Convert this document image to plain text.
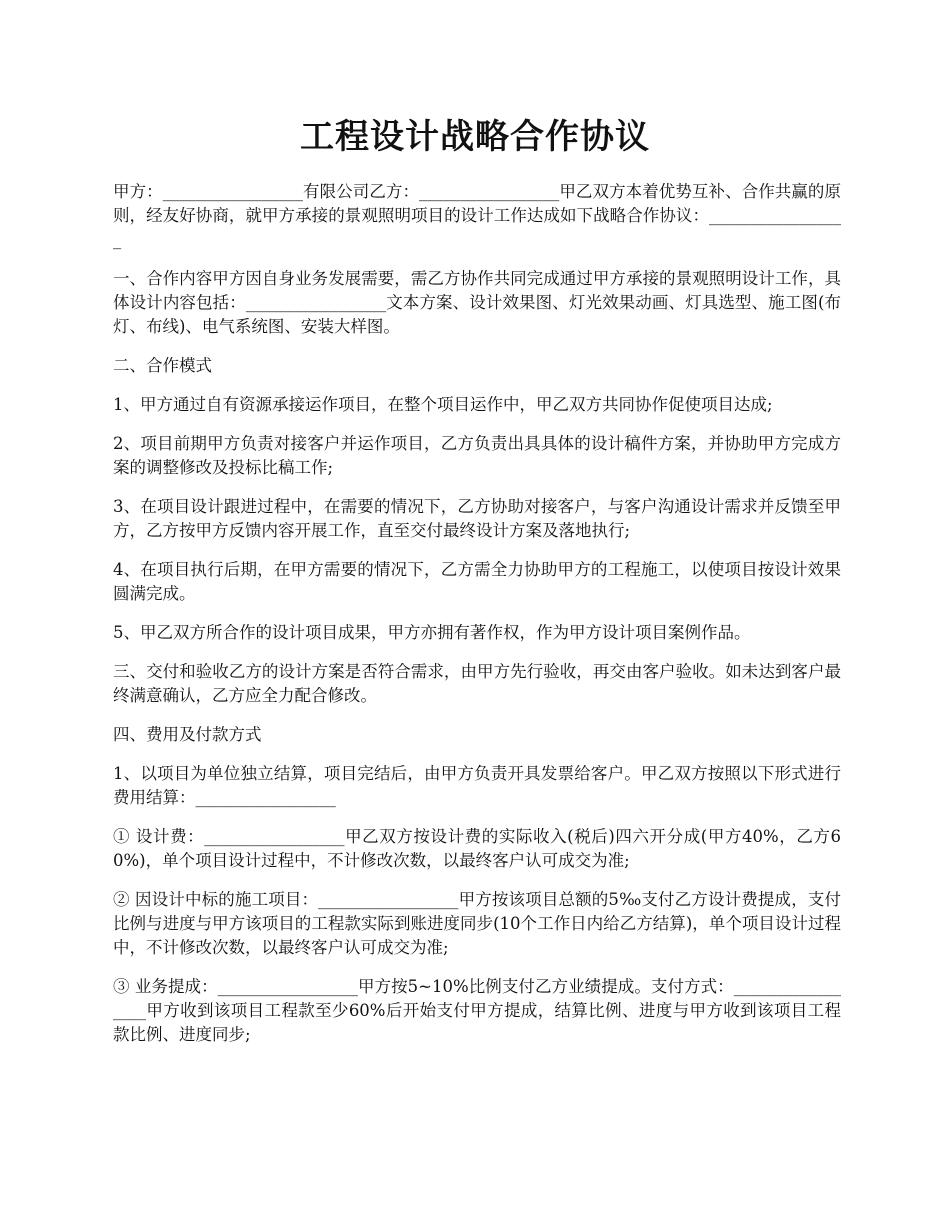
工程设计战略合作协议

甲方：_________________有限公司乙方：_________________甲乙双方本着优势互补、合作共赢的原则，经友好协商，就甲方承接的景观照明项目的设计工作达成如下战略合作协议：_________________

一、合作内容甲方因自身业务发展需要，需乙方协作共同完成通过甲方承接的景观照明设计工作，具体设计内容包括：_________________文本方案、设计效果图、灯光效果动画、灯具选型、施工图(布灯、布线)、电气系统图、安装大样图。

二、合作模式

1、甲方通过自有资源承接运作项目，在整个项目运作中，甲乙双方共同协作促使项目达成;

2、项目前期甲方负责对接客户并运作项目，乙方负责出具具体的设计稿件方案，并协助甲方完成方案的调整修改及投标比稿工作;

3、在项目设计跟进过程中，在需要的情况下，乙方协助对接客户，与客户沟通设计需求并反馈至甲方，乙方按甲方反馈内容开展工作，直至交付最终设计方案及落地执行;

4、在项目执行后期，在甲方需要的情况下，乙方需全力协助甲方的工程施工，以使项目按设计效果圆满完成。

5、甲乙双方所合作的设计项目成果，甲方亦拥有著作权，作为甲方设计项目案例作品。

三、交付和验收乙方的设计方案是否符合需求，由甲方先行验收，再交由客户验收。如未达到客户最终满意确认，乙方应全力配合修改。

四、费用及付款方式

1、以项目为单位独立结算，项目完结后，由甲方负责开具发票给客户。甲乙双方按照以下形式进行费用结算：_________________

① 设计费：_________________甲乙双方按设计费的实际收入(税后)四六开分成(甲方40%，乙方60%)，单个项目设计过程中，不计修改次数，以最终客户认可成交为准;

② 因设计中标的施工项目：_________________甲方按该项目总额的5‰支付乙方设计费提成，支付比例与进度与甲方该项目的工程款实际到账进度同步(10个工作日内给乙方结算)，单个项目设计过程中，不计修改次数，以最终客户认可成交为准;

③ 业务提成：_________________甲方按5~10%比例支付乙方业绩提成。支付方式：_________________甲方收到该项目工程款至少60%后开始支付甲方提成，结算比例、进度与甲方收到该项目工程款比例、进度同步;
